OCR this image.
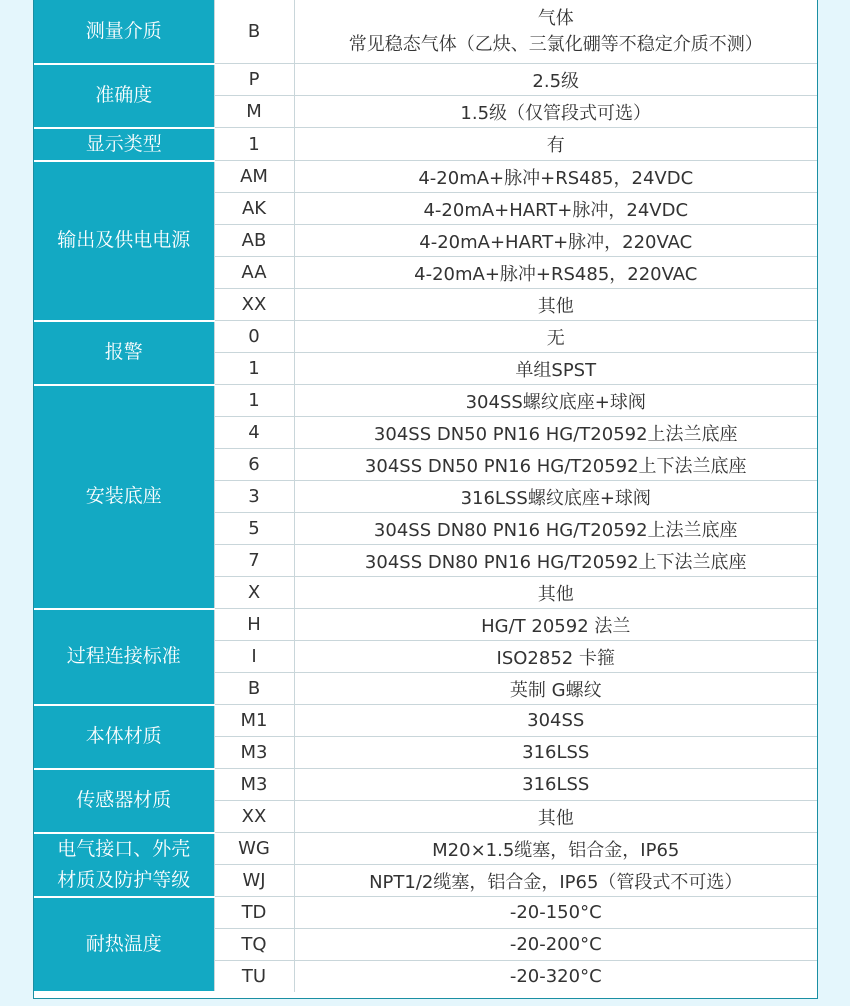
测量介质	B	气体
常见稳态气体（乙炔、三氯化硼等不稳定介质不测）

准确度	P	2.5级

	M	1.5级（仅管段式可选）

显示类型	1	有

输出及供电电源	AM	4-20mA+脉冲+RS485，24VDC

	AK	4-20mA+HART+脉冲，24VDC

	AB	4-20mA+HART+脉冲，220VAC

	AA	4-20mA+脉冲+RS485，220VAC

	XX	其他

报警	0	无

	1	单组SPST

安装底座	1	304SS螺纹底座+球阀

	4	304SS DN50 PN16 HG/T20592上法兰底座

	6	304SS DN50 PN16 HG/T20592上下法兰底座

	3	316LSS螺纹底座+球阀

	5	304SS DN80 PN16 HG/T20592上法兰底座

	7	304SS DN80 PN16 HG/T20592上下法兰底座

	X	其他

过程连接标准	H	HG/T 20592 法兰

	I	ISO2852 卡箍

	B	英制 G螺纹

本体材质	M1	304SS

	M3	316LSS

传感器材质	M3	316LSS

	XX	其他

电气接口、外壳
材质及防护等级	WG	M20×1.5缆塞，铝合金，IP65

	WJ	NPT1/2缆塞，铝合金，IP65（管段式不可选）

耐热温度	TD	-20-150°C

	TQ	-20-200°C

	TU	-20-320°C
